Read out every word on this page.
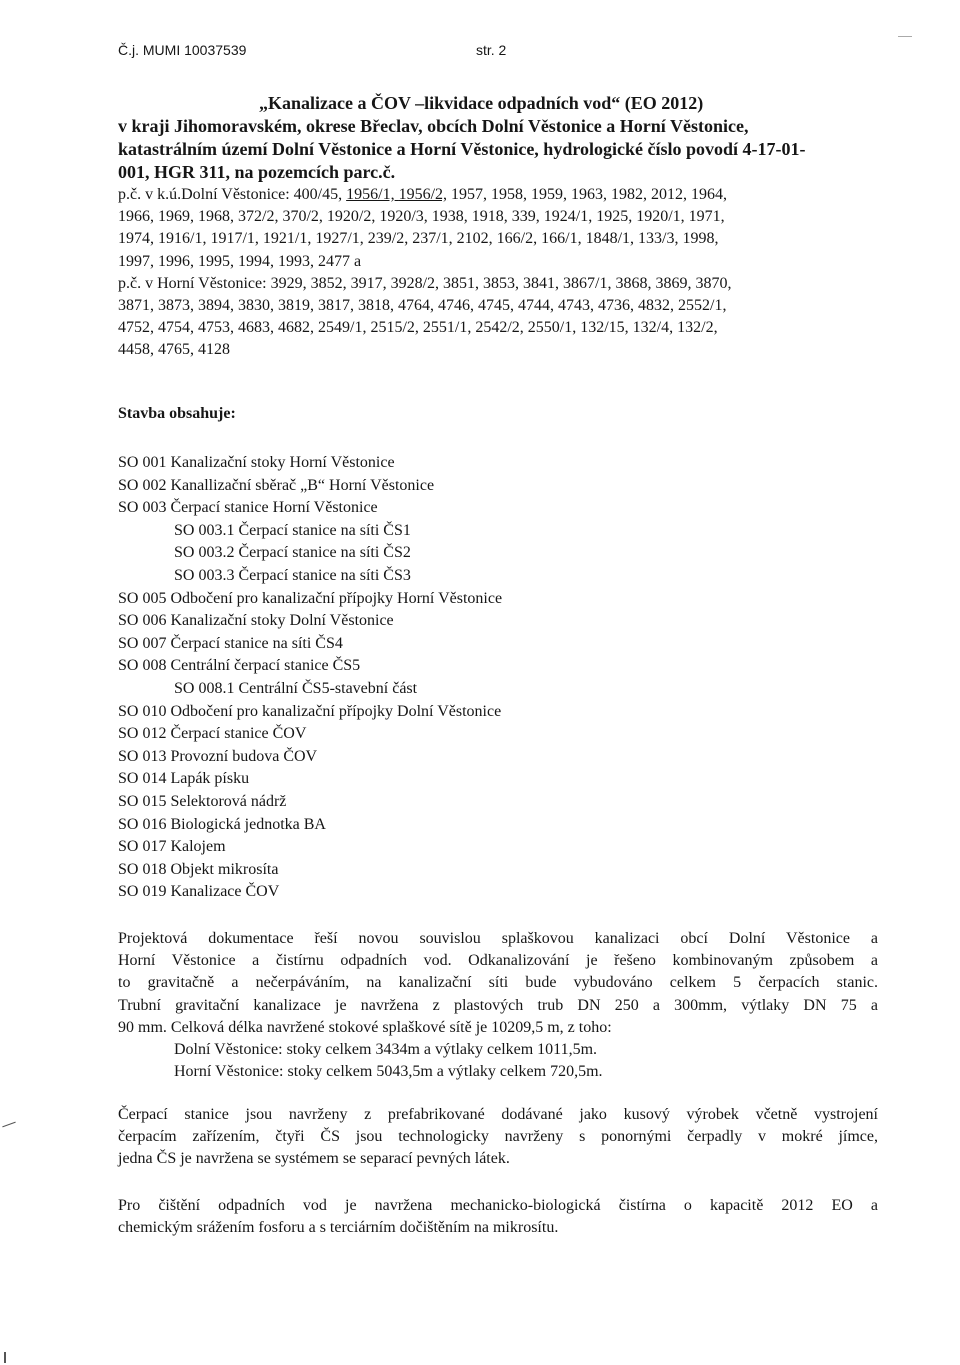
Č.j. MUMI 10037539	str. 2
„Kanalizace a ČOV –likvidace odpadních vod“ (EO 2012)
v kraji Jihomoravském, okrese Břeclav, obcích Dolní Věstonice a Horní Věstonice,
katastrálním území Dolní Věstonice a Horní Věstonice, hydrologické číslo povodí 4-17-01-
001, HGR 311, na pozemcích parc.č.
p.č. v k.ú.Dolní Věstonice: 400/45, 1956/1, 1956/2, 1957, 1958, 1959, 1963, 1982, 2012, 1964,
1966, 1969, 1968, 372/2, 370/2, 1920/2, 1920/3, 1938, 1918, 339, 1924/1, 1925, 1920/1, 1971,
1974, 1916/1, 1917/1, 1921/1, 1927/1, 239/2, 237/1, 2102, 166/2, 166/1, 1848/1, 133/3, 1998,
1997, 1996, 1995, 1994, 1993, 2477 a
p.č. v Horní Věstonice: 3929, 3852, 3917, 3928/2, 3851, 3853, 3841, 3867/1, 3868, 3869, 3870,
3871, 3873, 3894, 3830, 3819, 3817, 3818, 4764, 4746, 4745, 4744, 4743, 4736, 4832, 2552/1,
4752, 4754, 4753, 4683, 4682, 2549/1, 2515/2, 2551/1, 2542/2, 2550/1, 132/15, 132/4, 132/2,
4458, 4765, 4128
Stavba obsahuje:
SO 001 Kanalizační stoky Horní Věstonice
SO 002 Kanallizační sběrač „B“ Horní Věstonice
SO 003 Čerpací stanice Horní Věstonice
SO 003.1 Čerpací stanice na síti ČS1
SO 003.2 Čerpací stanice na síti ČS2
SO 003.3 Čerpací stanice na síti ČS3
SO 005 Odbočení pro kanalizační přípojky Horní Věstonice
SO 006 Kanalizační stoky Dolní Věstonice
SO 007 Čerpací stanice na síti ČS4
SO 008 Centrální čerpací stanice ČS5
SO 008.1 Centrální ČS5-stavební část
SO 010 Odbočení pro kanalizační přípojky Dolní Věstonice
SO 012 Čerpací stanice ČOV
SO 013 Provozní budova ČOV
SO 014 Lapák písku
SO 015 Selektorová nádrž
SO 016 Biologická jednotka BA
SO 017 Kalojem
SO 018 Objekt mikrosíta
SO 019 Kanalizace ČOV
Projektová dokumentace řeší novou souvislou splaškovou kanalizaci obcí Dolní Věstonice a
Horní Věstonice a čistírnu odpadních vod. Odkanalizování je řešeno kombinovaným způsobem a
to gravitačně a nečerpáváním, na kanalizační síti bude vybudováno celkem 5 čerpacích stanic.
Trubní gravitační kanalizace je navržena z plastových trub DN 250 a 300mm, výtlaky DN 75 a
90 mm. Celková délka navržené stokové splaškové sítě je 10209,5 m, z toho:
Dolní Věstonice: stoky celkem 3434m a výtlaky celkem 1011,5m.
Horní Věstonice: stoky celkem 5043,5m a výtlaky celkem 720,5m.
Čerpací stanice jsou navrženy z prefabrikované dodávané jako kusový výrobek včetně vystrojení
čerpacím zařízením, čtyři ČS jsou technologicky navrženy s ponornými čerpadly v mokré jímce,
jedna ČS je navržena se systémem se separací pevných látek.
Pro čištění odpadních vod je navržena mechanicko-biologická čistírna o kapacitě 2012 EO a
chemickým srážením fosforu a s terciárním dočištěním na mikrosítu.
